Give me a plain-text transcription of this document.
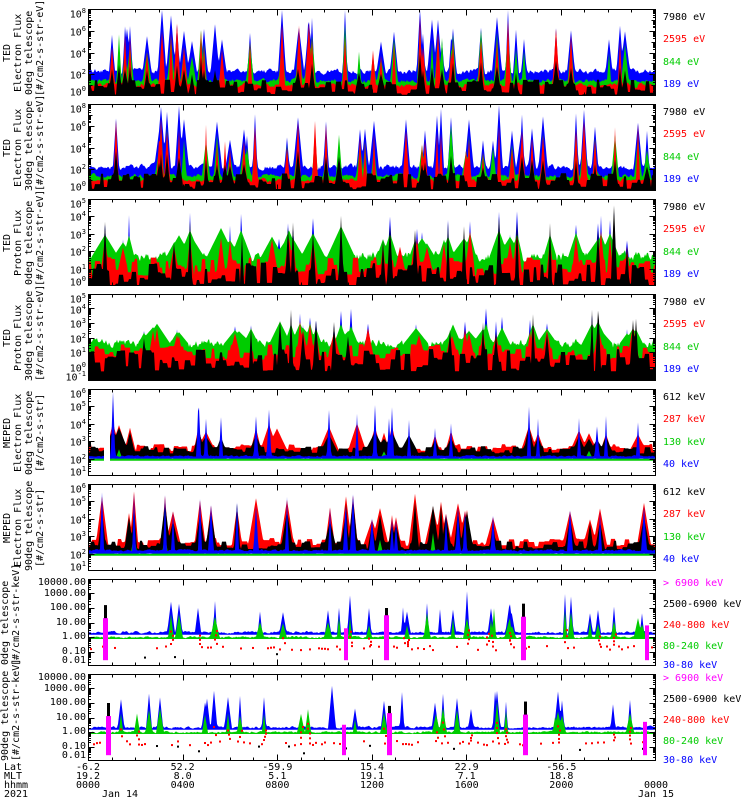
TED Electron Flux 0deg telescope [#/cm2-s-str-eV]	$10^8$
$10^6$
$10^4$
$10^2$
$10^0$
7980 eV
2595 eV
844 eV
189 eV
TED Electron Flux 30deg telescope [#/cm2-s-str-eV]	$10^8$
$10^6$
$10^4$
$10^2$
$10^0$
7980 eV
2595 eV
844 eV
189 eV
TED Proton Flux 0deg telescope [#/cm2-s-str-eV]	$10^5$
$10^4$
$10^3$
$10^2$
$10^1$
$10^0$
7980 eV
2595 eV
844 eV
189 eV
TED Proton Flux 30deg telescope [#/cm2-s-str-eV]	$10^5$
$10^4$
$10^3$
$10^2$
$10^1$
$10^0$
$10^{-1}$
7980 eV
2595 eV
844 eV
189 eV
MEPED Electron Flux 0deg telescope [#/cm2-s-str]	$10^6$
$10^5$
$10^4$
$10^3$
$10^2$
$10^1$
612 keV
287 keV
130 keV
40 keV
MEPED Electron Flux 90deg telescope [#/cm2-s-str]	$10^6$
$10^5$
$10^4$
$10^3$
$10^2$
$10^1$
612 keV
287 keV
130 keV
40 keV
0deg telescope [#/cm2-s-str-keV]	10000.00
1000.00
100.00
10.00
1.00
0.10
0.01
> 6900 keV
2500-6900 keV
240-800 keV
80-240 keV
30-80 keV
90deg telescope [#/cm2-s-str-keV]	10000.00
1000.00
100.00
10.00
1.00
0.10
0.01
> 6900 keV
2500-6900 keV
240-800 keV
80-240 keV
30-80 keV
Lat
MLT
hhmm
2021
-6.2
19.2
0000
Jan 14
52.2
8.0
0400
-59.9
5.1
0800
15.4
19.1
1200
22.9
7.1
1600
-56.5
18.8
2000	0000
Jan 15
